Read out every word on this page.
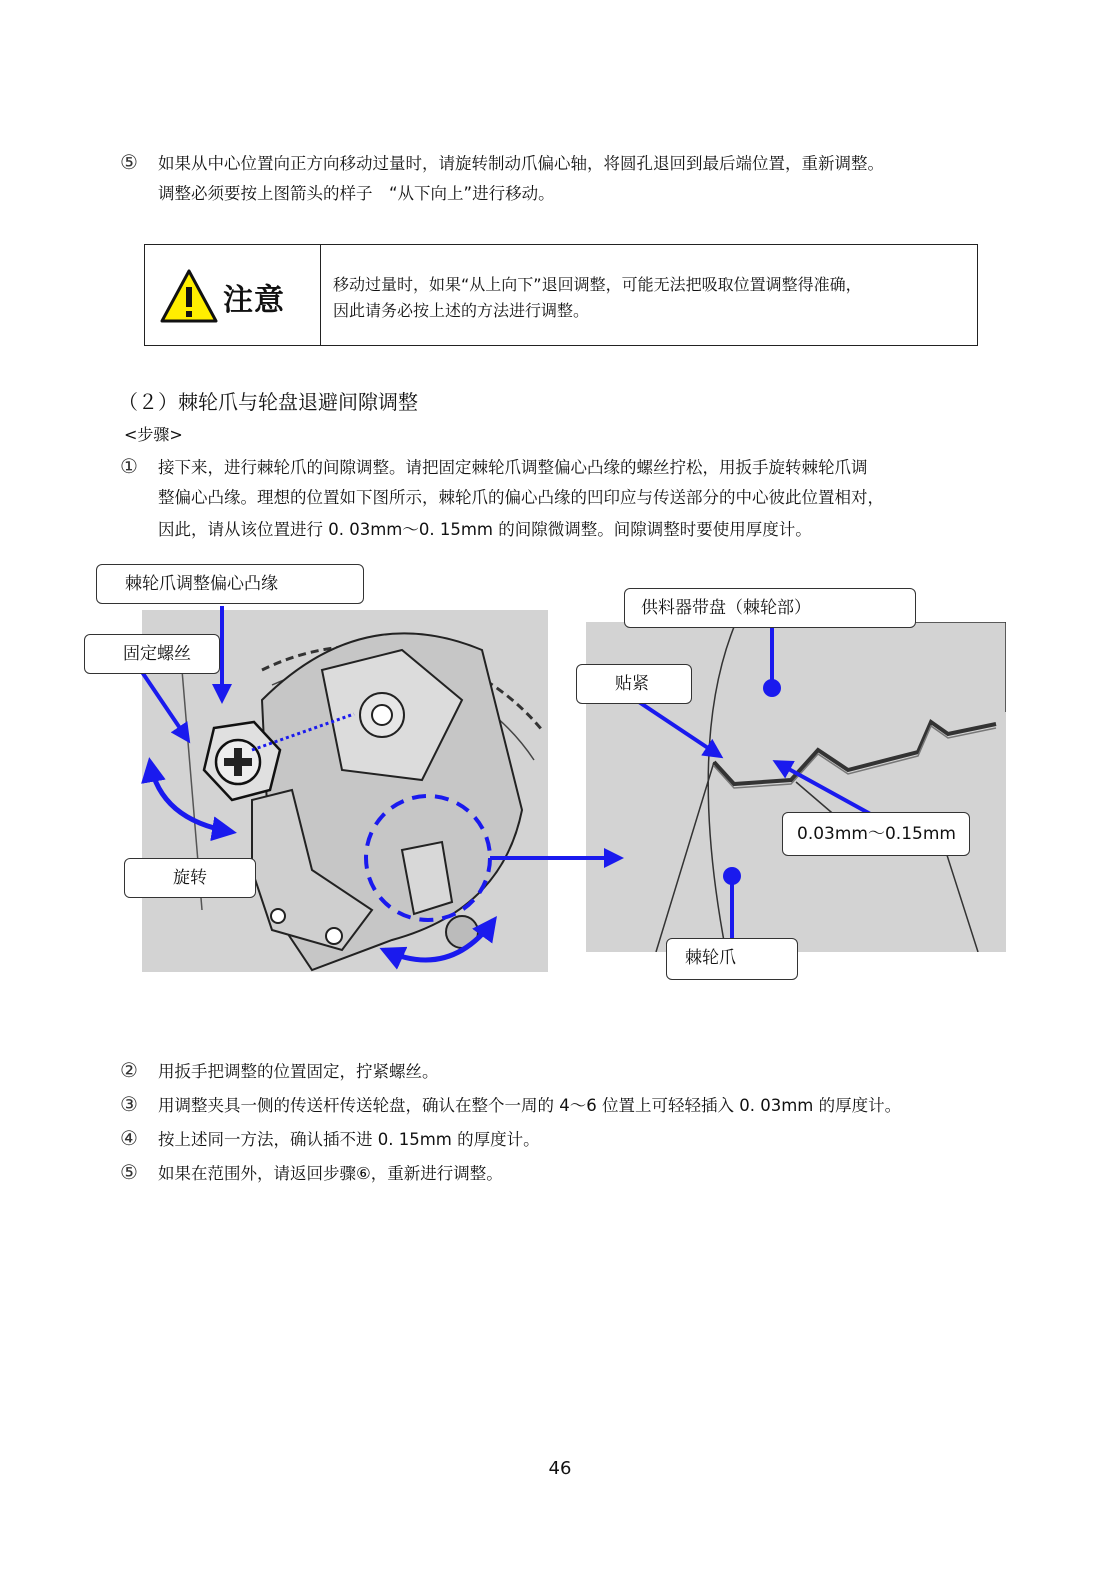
⑤ 如果从中心位置向正方向移动过量时，请旋转制动爪偏心轴，将圆孔退回到最后端位置，重新调整。
调整必须要按上图箭头的样子　“从下向上”进行移动。
注意	移动过量时，如果“从上向下”退回调整，可能无法把吸取位置调整得准确，
因此请务必按上述的方法进行调整。
（２）棘轮爪与轮盘退避间隙调整
<步骤>
① 接下来，进行棘轮爪的间隙调整。请把固定棘轮爪调整偏心凸缘的螺丝拧松，用扳手旋转棘轮爪调
整偏心凸缘。理想的位置如下图所示，棘轮爪的偏心凸缘的凹印应与传送部分的中心彼此位置相对，
因此，请从该位置进行 0. 03mm～0. 15mm 的间隙微调整。间隙调整时要使用厚度计。
棘轮爪调整偏心凸缘
固定螺丝
旋转
供料器带盘（棘轮部）
贴紧
0.03mm～0.15mm
棘轮爪
② 用扳手把调整的位置固定，拧紧螺丝。
③ 用调整夹具一侧的传送杆传送轮盘，确认在整个一周的 4～6 位置上可轻轻插入 0. 03mm 的厚度计。
④ 按上述同一方法，确认插不进 0. 15mm 的厚度计。
⑤ 如果在范围外，请返回步骤⑥，重新进行调整。
46
